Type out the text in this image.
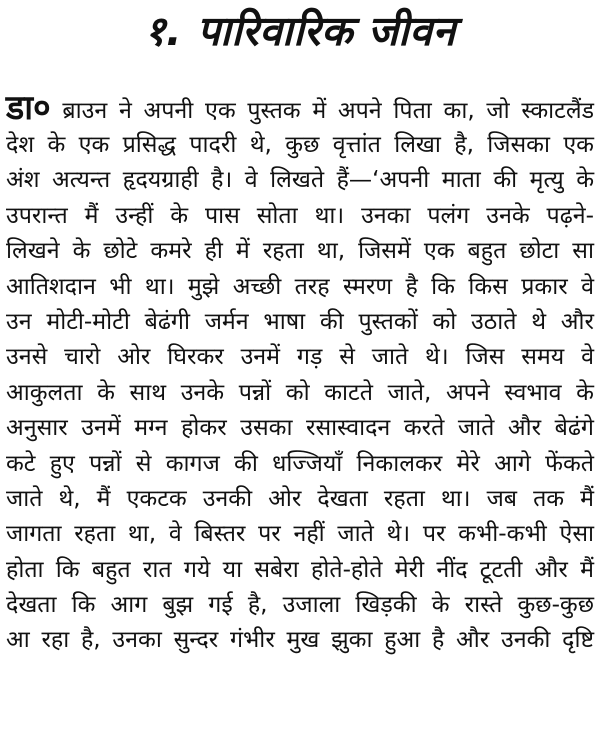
१. पारिवारिक जीवन
डा० ब्राउन ने अपनी एक पुस्तक में अपने पिता का, जो स्काटलैंड
देश के एक प्रसिद्ध पादरी थे, कुछ वृत्तांत लिखा है, जिसका एक
अंश अत्यन्त हृदयग्राही है। वे लिखते हैं—‘अपनी माता की मृत्यु के
उपरान्त मैं उन्हीं के पास सोता था। उनका पलंग उनके पढ़ने-
लिखने के छोटे कमरे ही में रहता था, जिसमें एक बहुत छोटा सा
आतिशदान भी था। मुझे अच्छी तरह स्मरण है कि किस प्रकार वे
उन मोटी-मोटी बेढंगी जर्मन भाषा की पुस्तकों को उठाते थे और
उनसे चारो ओर घिरकर उनमें गड़ से जाते थे। जिस समय वे
आकुलता के साथ उनके पन्नों को काटते जाते, अपने स्वभाव के
अनुसार उनमें मग्न होकर उसका रसास्वादन करते जाते और बेढंगे
कटे हुए पन्नों से कागज की धज्जियाँ निकालकर मेरे आगे फेंकते
जाते थे, मैं एकटक उनकी ओर देखता रहता था। जब तक मैं
जागता रहता था, वे बिस्तर पर नहीं जाते थे। पर कभी-कभी ऐसा
होता कि बहुत रात गये या सबेरा होते-होते मेरी नींद टूटती और मैं
देखता कि आग बुझ गई है, उजाला खिड़की के रास्ते कुछ-कुछ
आ रहा है, उनका सुन्दर गंभीर मुख झुका हुआ है और उनकी दृष्टि
